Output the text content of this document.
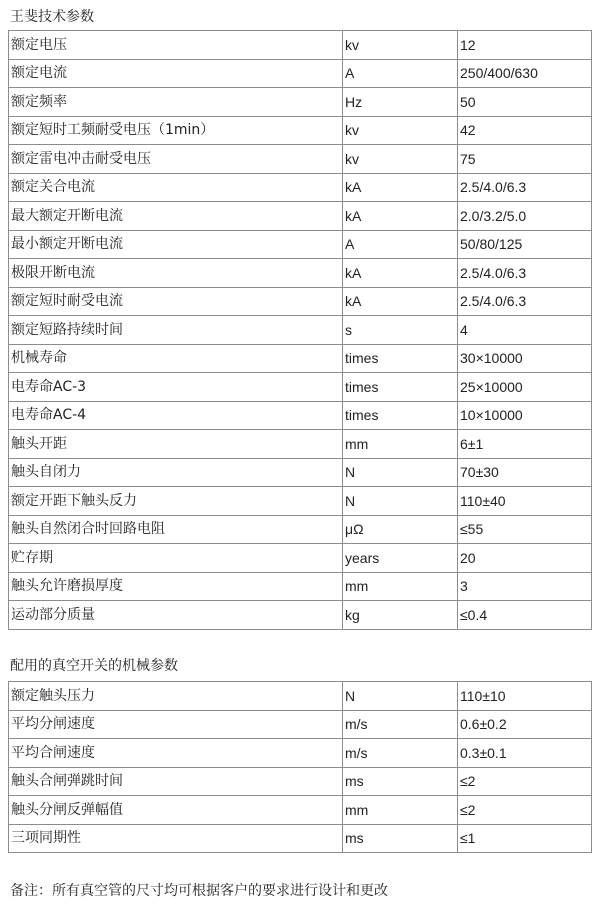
王斐技术参数
额定电压	kv	12
额定电流	A	250/400/630
额定频率	Hz	50
额定短时工频耐受电压（1min）	kv	42
额定雷电冲击耐受电压	kv	75
额定关合电流	kA	2.5/4.0/6.3
最大额定开断电流	kA	2.0/3.2/5.0
最小额定开断电流	A	50/80/125
极限开断电流	kA	2.5/4.0/6.3
额定短时耐受电流	kA	2.5/4.0/6.3
额定短路持续时间	s	4
机械寿命	times	30×10000
电寿命AC-3	times	25×10000
电寿命AC-4	times	10×10000
触头开距	mm	6±1
触头自闭力	N	70±30
额定开距下触头反力	N	110±40
触头自然闭合时回路电阻	μΩ	≤55
贮存期	years	20
触头允许磨损厚度	mm	3
运动部分质量	kg	≤0.4
配用的真空开关的机械参数
额定触头压力	N	110±10
平均分闸速度	m/s	0.6±0.2
平均合闸速度	m/s	0.3±0.1
触头合闸弹跳时间	ms	≤2
触头分闸反弹幅值	mm	≤2
三项同期性	ms	≤1
备注：所有真空管的尺寸均可根据客户的要求进行设计和更改
